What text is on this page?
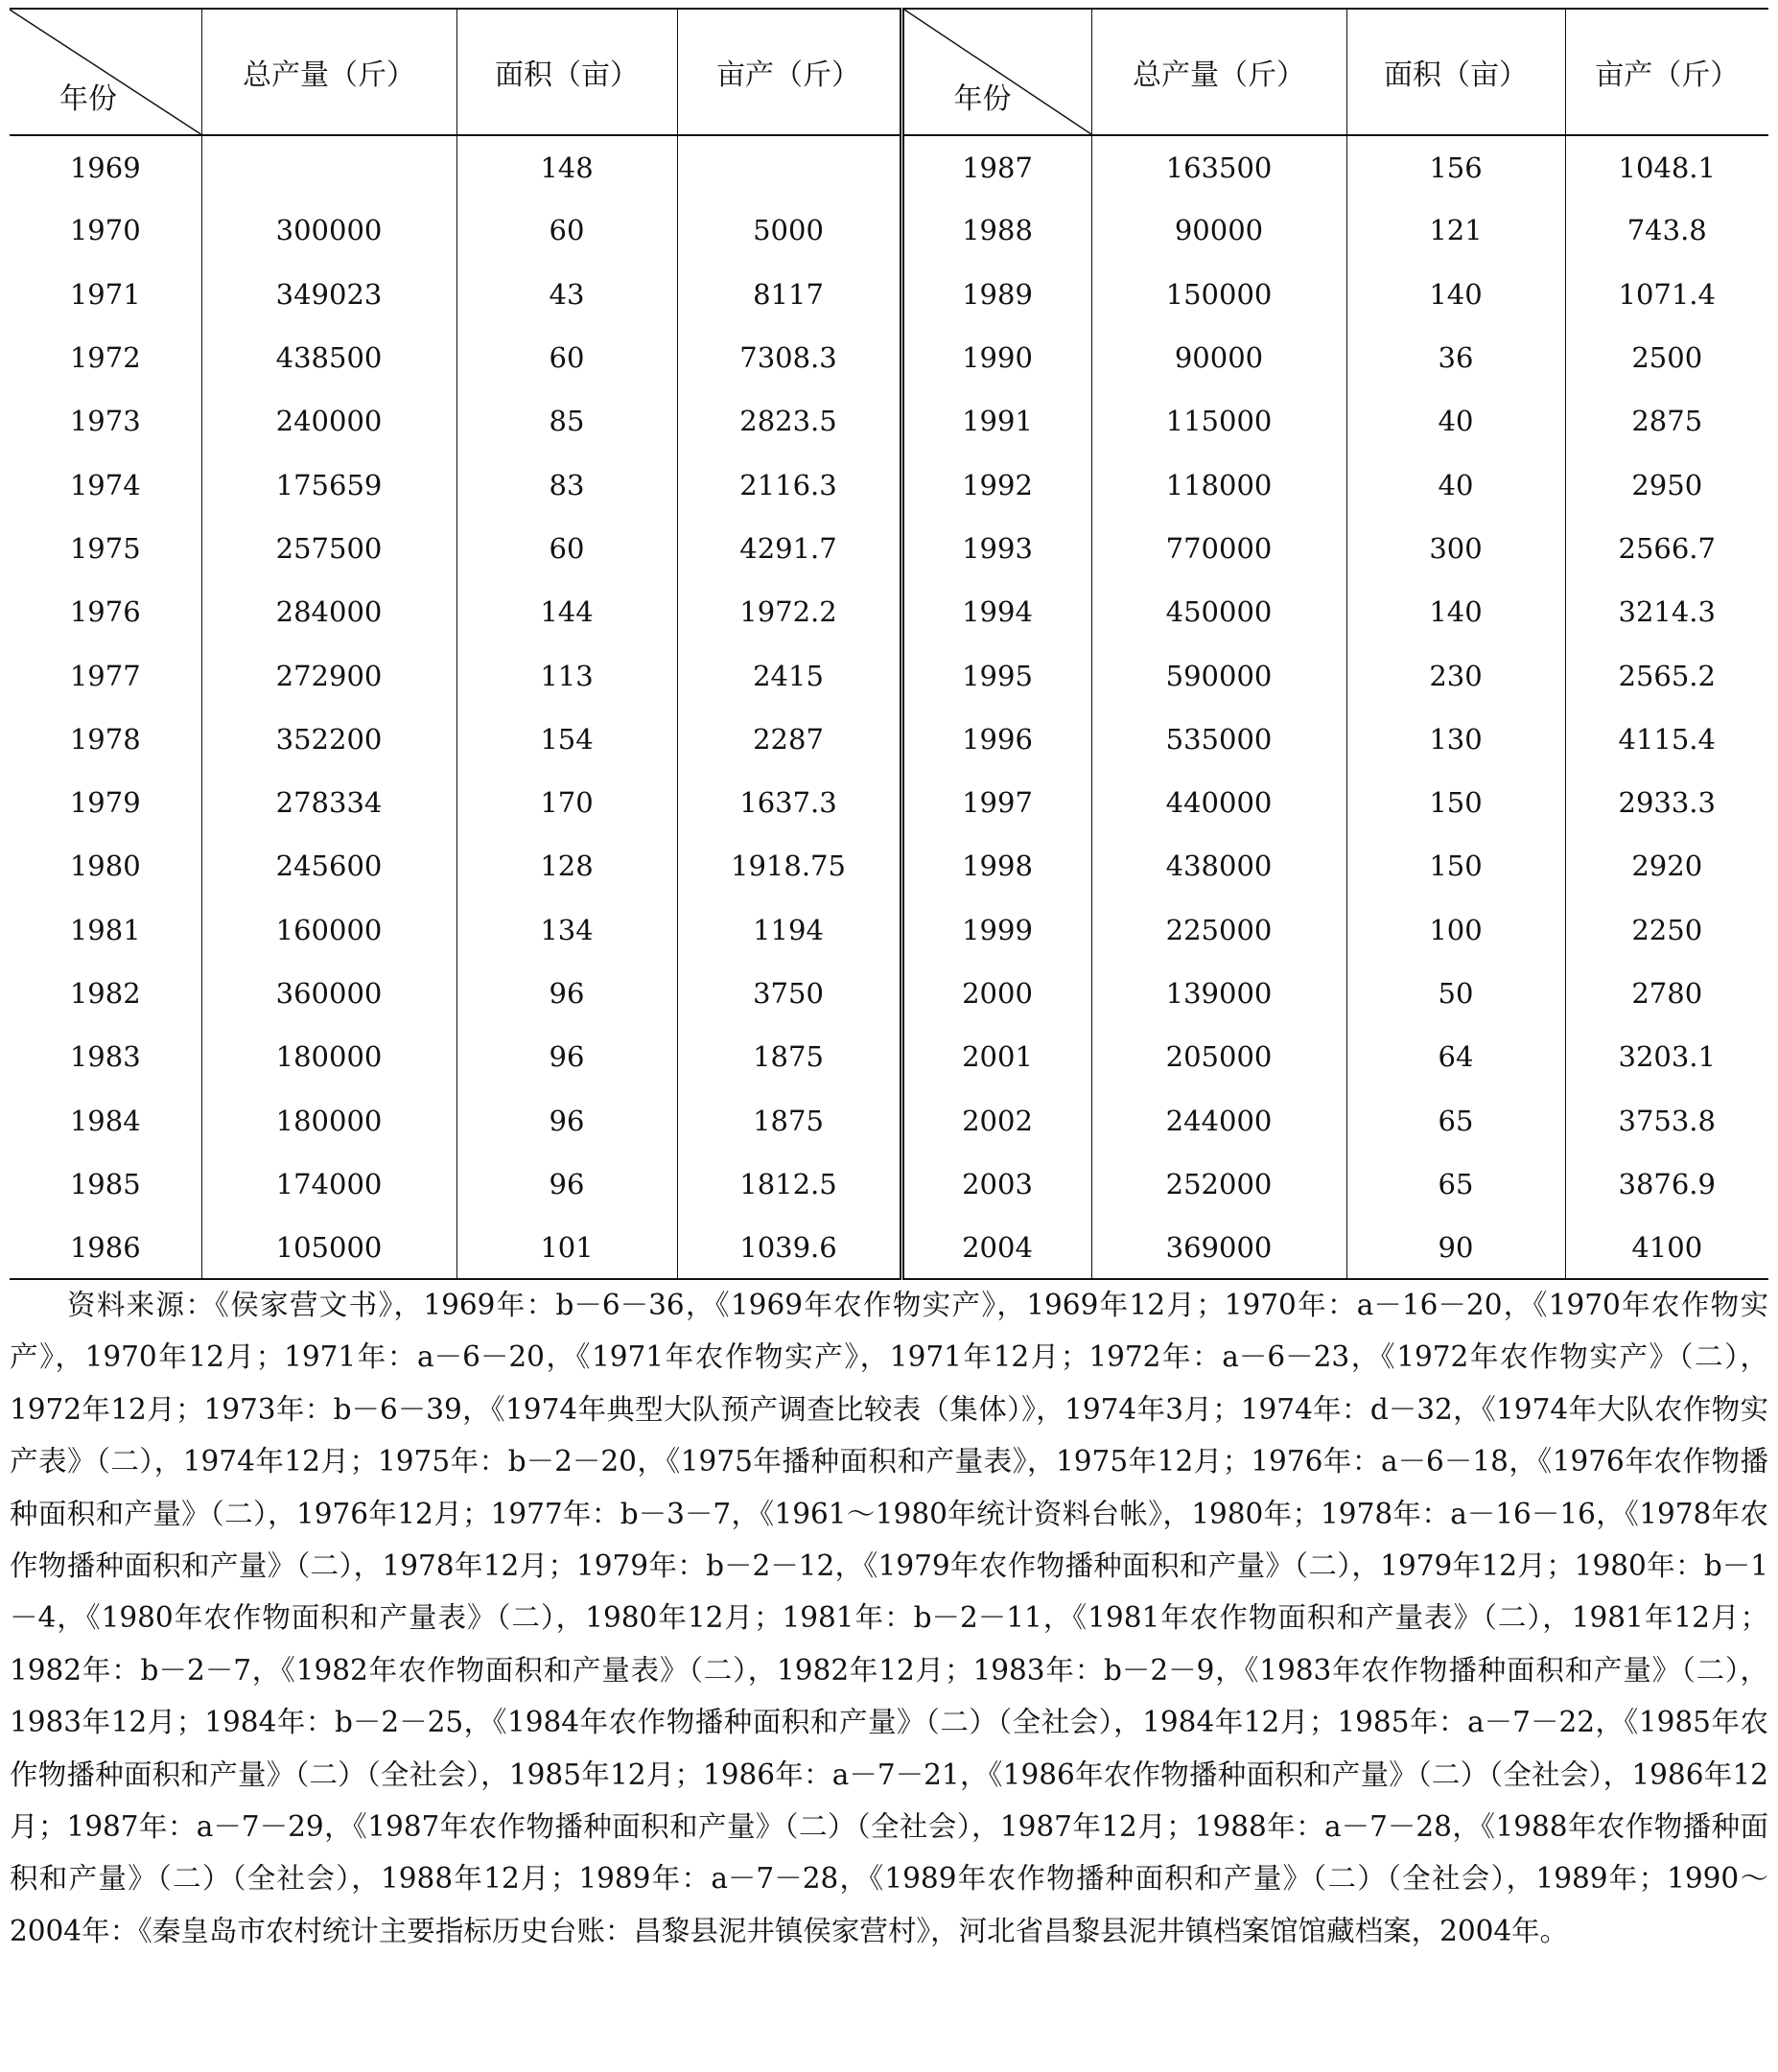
年份	总产量（斤）	面积（亩）	亩产（斤）	年份	总产量（斤）	面积（亩）	亩产（斤）
1969		148		1987	163500	156	1048.1
1970	300000	60	5000	1988	90000	121	743.8
1971	349023	43	8117	1989	150000	140	1071.4
1972	438500	60	7308.3	1990	90000	36	2500
1973	240000	85	2823.5	1991	115000	40	2875
1974	175659	83	2116.3	1992	118000	40	2950
1975	257500	60	4291.7	1993	770000	300	2566.7
1976	284000	144	1972.2	1994	450000	140	3214.3
1977	272900	113	2415	1995	590000	230	2565.2
1978	352200	154	2287	1996	535000	130	4115.4
1979	278334	170	1637.3	1997	440000	150	2933.3
1980	245600	128	1918.75	1998	438000	150	2920
1981	160000	134	1194	1999	225000	100	2250
1982	360000	96	3750	2000	139000	50	2780
1983	180000	96	1875	2001	205000	64	3203.1
1984	180000	96	1875	2002	244000	65	3753.8
1985	174000	96	1812.5	2003	252000	65	3876.9
1986	105000	101	1039.6	2004	369000	90	4100
资料来源：《侯家营文书》，1969年：b－6－36，《1969年农作物实产》，1969年12月；1970年：a－16－20，《1970年农作物实产》，1970年12月；1971年：a－6－20，《1971年农作物实产》，1971年12月；1972年：a－6－23，《1972年农作物实产》（二），1972年12月；1973年：b－6－39，《1974年典型大队预产调查比较表（集体）》，1974年3月；1974年：d－32，《1974年大队农作物实产表》（二），1974年12月；1975年：b－2－20，《1975年播种面积和产量表》，1975年12月；1976年：a－6－18，《1976年农作物播种面积和产量》（二），1976年12月；1977年：b－3－7，《1961～1980年统计资料台帐》，1980年；1978年：a－16－16，《1978年农作物播种面积和产量》（二），1978年12月；1979年：b－2－12，《1979年农作物播种面积和产量》（二），1979年12月；1980年：b－1－4，《1980年农作物面积和产量表》（二），1980年12月；1981年：b－2－11，《1981年农作物面积和产量表》（二），1981年12月；1982年：b－2－7，《1982年农作物面积和产量表》（二），1982年12月；1983年：b－2－9，《1983年农作物播种面积和产量》（二），1983年12月；1984年：b－2－25，《1984年农作物播种面积和产量》（二）（全社会），1984年12月；1985年：a－7－22，《1985年农作物播种面积和产量》（二）（全社会），1985年12月；1986年：a－7－21，《1986年农作物播种面积和产量》（二）（全社会），1986年12月；1987年：a－7－29，《1987年农作物播种面积和产量》（二）（全社会），1987年12月；1988年：a－7－28，《1988年农作物播种面积和产量》（二）（全社会），1988年12月；1989年：a－7－28，《1989年农作物播种面积和产量》（二）（全社会），1989年；1990～2004年：《秦皇岛市农村统计主要指标历史台账：昌黎县泥井镇侯家营村》，河北省昌黎县泥井镇档案馆馆藏档案，2004年。
